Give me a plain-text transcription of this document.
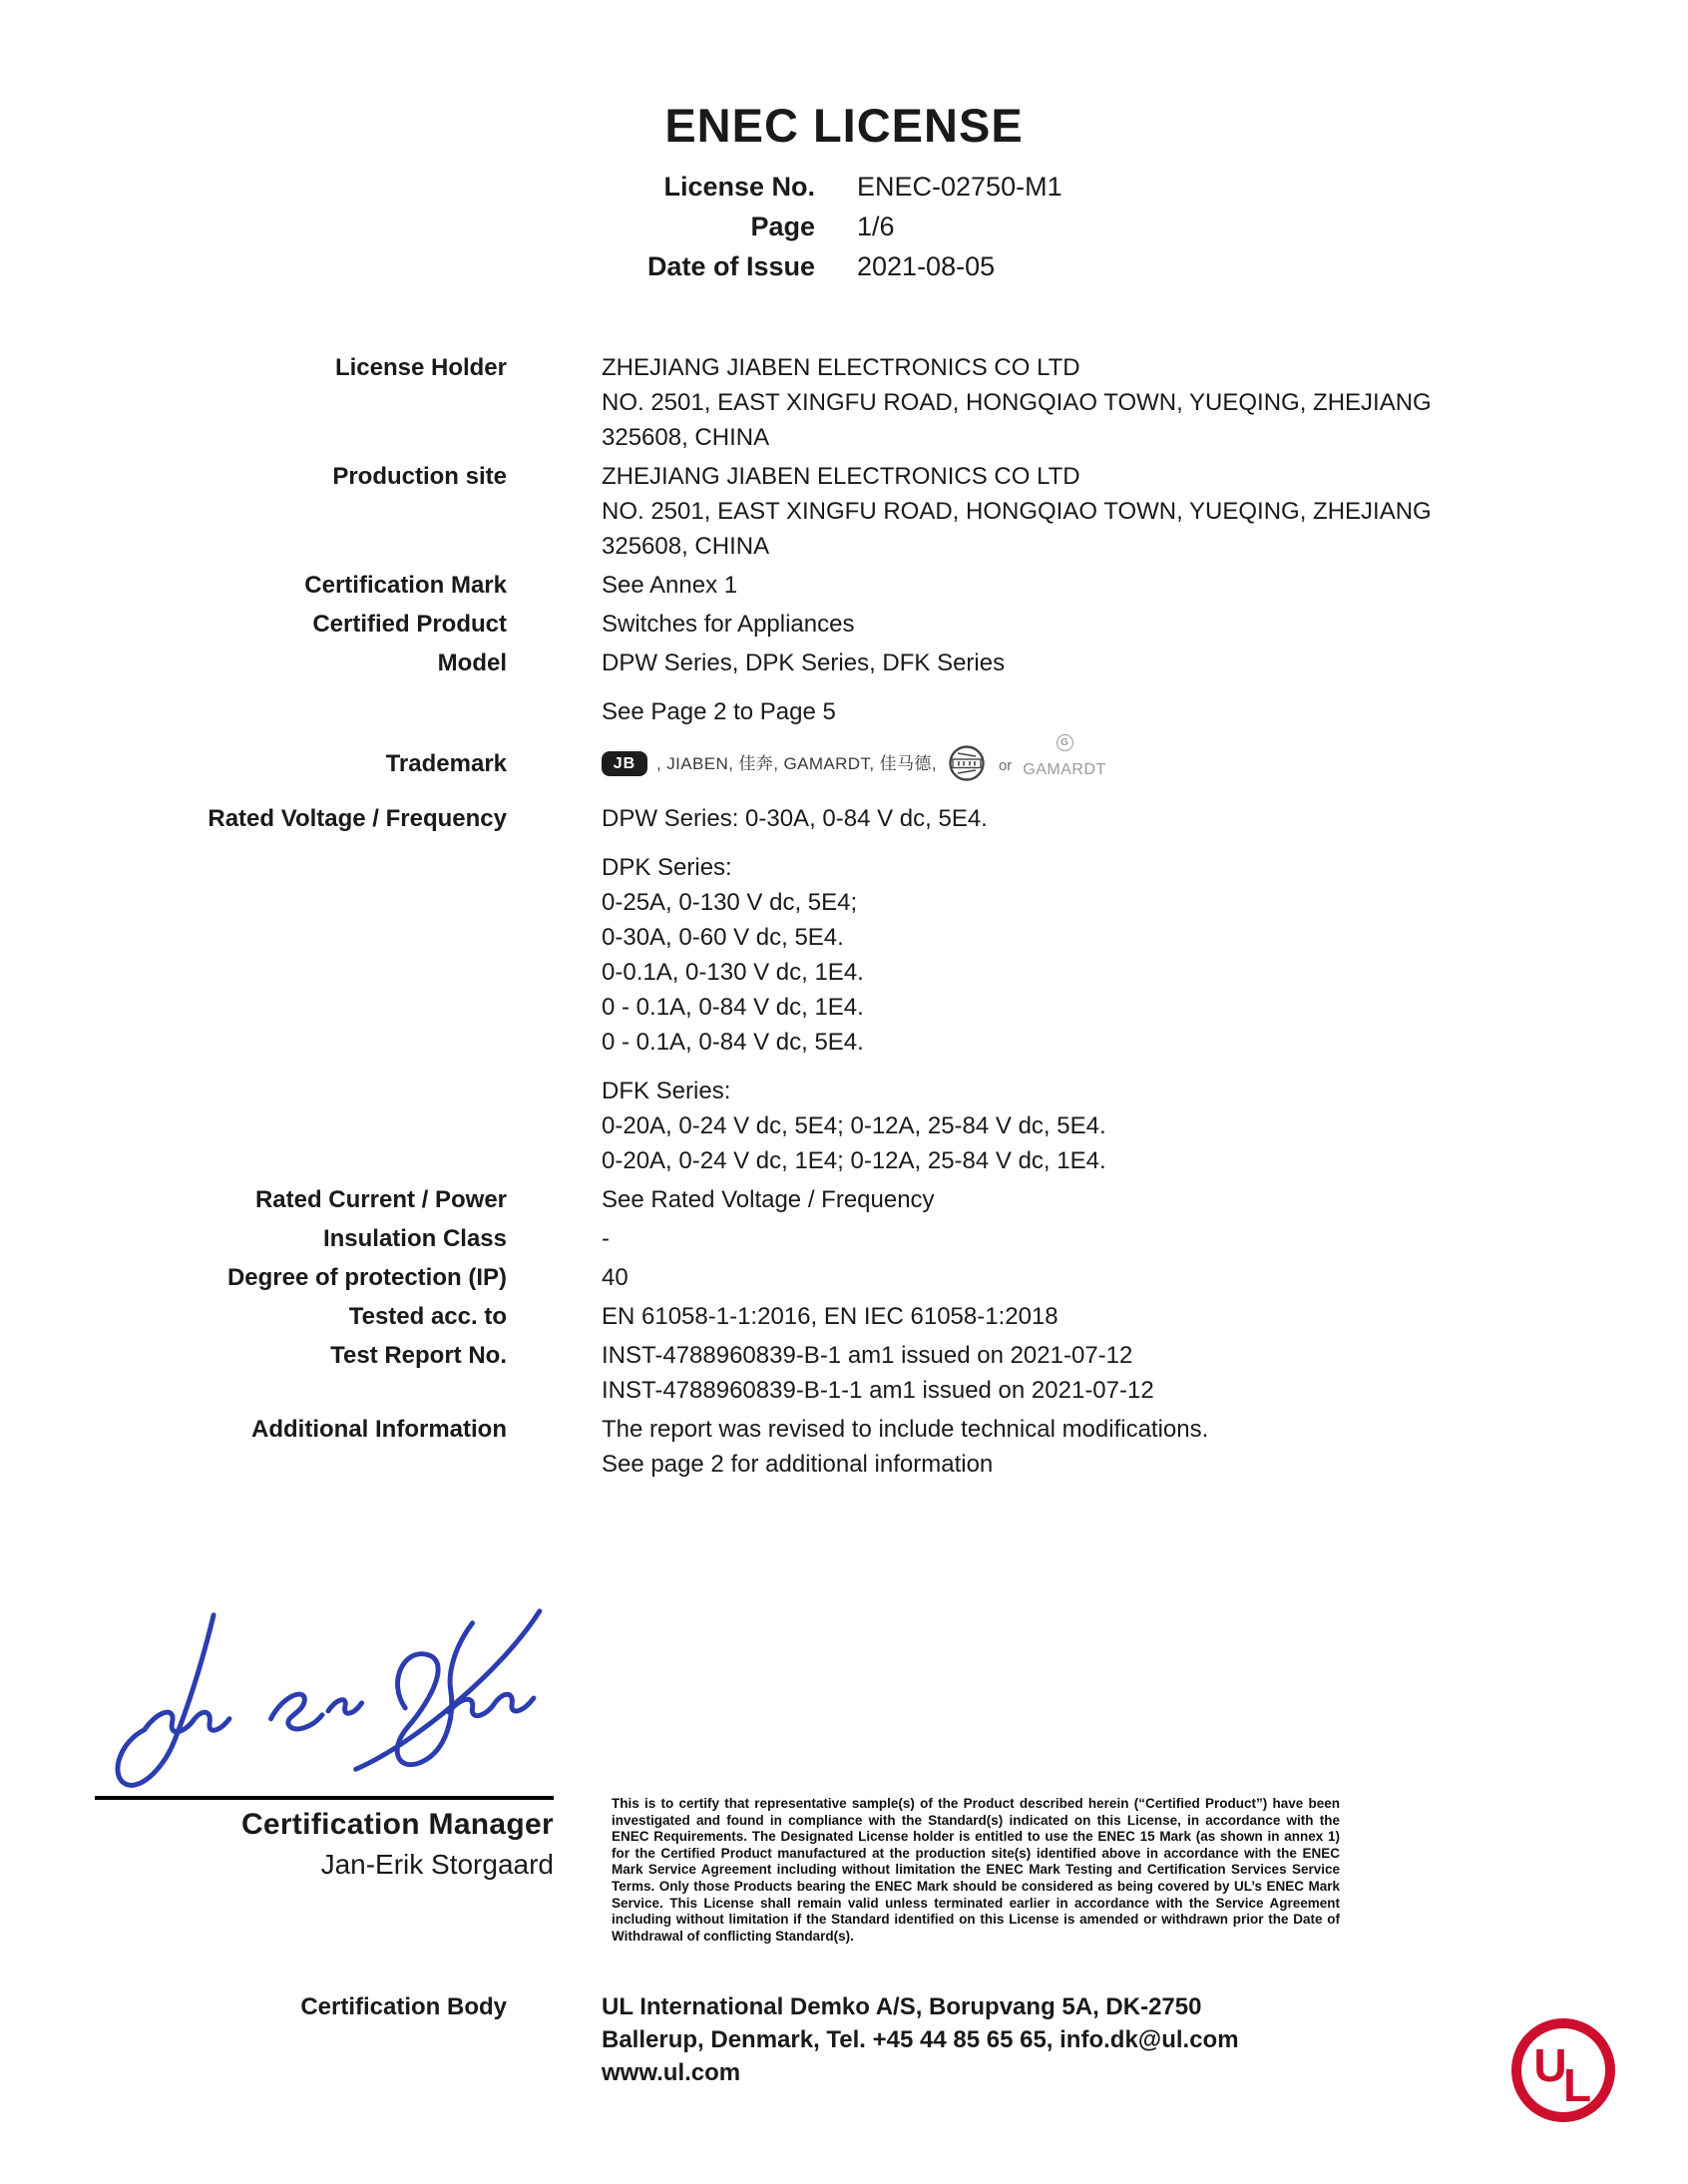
ENEC LICENSE
License No. ENEC-02750-M1
Page 1/6
Date of Issue 2021-08-05
License Holder	ZHEJIANG JIABEN ELECTRONICS CO LTD
NO. 2501, EAST XINGFU ROAD, HONGQIAO TOWN, YUEQING, ZHEJIANG
325608, CHINA
Production site	ZHEJIANG JIABEN ELECTRONICS CO LTD
NO. 2501, EAST XINGFU ROAD, HONGQIAO TOWN, YUEQING, ZHEJIANG
325608, CHINA
Certification Mark	See Annex 1
Certified Product	Switches for Appliances
Model	DPW Series, DPK Series, DFK Series
See Page 2 to Page 5
Trademark	JB	, JIABEN, 佳奔, GAMARDT, 佳马德,	or
G
GAMARDT
Rated Voltage / Frequency	DPW Series: 0-30A, 0-84 V dc, 5E4.
DPK Series:
0-25A, 0-130 V dc, 5E4;
0-30A, 0-60 V dc, 5E4.
0-0.1A, 0-130 V dc, 1E4.
0 - 0.1A, 0-84 V dc, 1E4.
0 - 0.1A, 0-84 V dc, 5E4.
DFK Series:
0-20A, 0-24 V dc, 5E4; 0-12A, 25-84 V dc, 5E4.
0-20A, 0-24 V dc, 1E4; 0-12A, 25-84 V dc, 1E4.
Rated Current / Power	See Rated Voltage / Frequency
Insulation Class	-
Degree of protection (IP)	40
Tested acc. to	EN 61058-1-1:2016, EN IEC 61058-1:2018
Test Report No.	INST-4788960839-B-1 am1 issued on 2021-07-12
INST-4788960839-B-1-1 am1 issued on 2021-07-12
Additional Information	The report was revised to include technical modifications.
See page 2 for additional information
Certification Manager
Jan-Erik Storgaard
This is to certify that representative sample(s) of the Product described herein (“Certified Product”) have been investigated and found in compliance with the Standard(s) indicated on this License, in accordance with the ENEC Requirements. The Designated License holder is entitled to use the ENEC 15 Mark (as shown in annex 1) for the Certified Product manufactured at the production site(s) identified above in accordance with the ENEC Mark Service Agreement including without limitation the ENEC Mark Testing and Certification Services Service Terms. Only those Products bearing the ENEC Mark should be considered as being covered by UL’s ENEC Mark Service. This License shall remain valid unless terminated earlier in accordance with the Service Agreement including without limitation if the Standard identified on this License is amended or withdrawn prior the Date of Withdrawal of conflicting Standard(s).
Certification Body	UL International Demko A/S, Borupvang 5A, DK-2750
Ballerup, Denmark, Tel. +45 44 85 65 65, info.dk@ul.com
www.ul.com	U
L
